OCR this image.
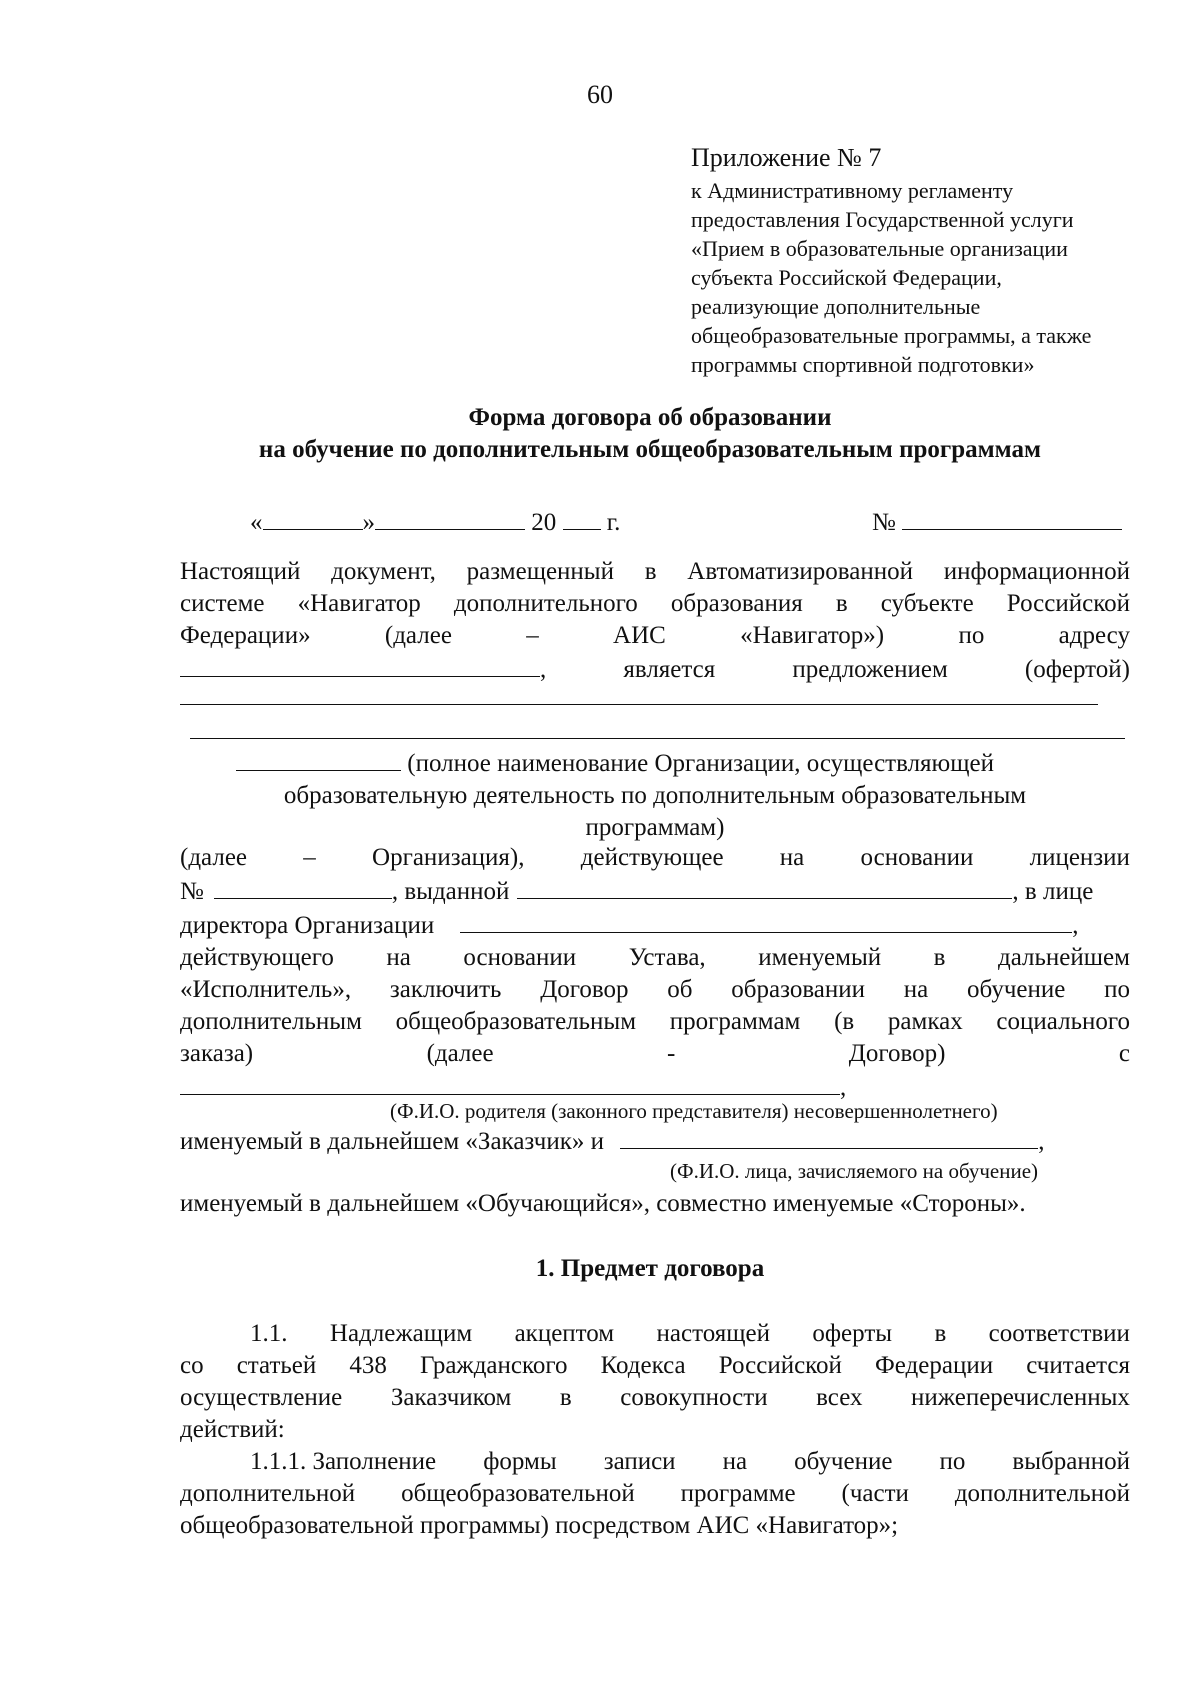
60
Приложение № 7
к Административному регламенту
предоставления Государственной услуги
«Прием в образовательные организации
субъекта Российской Федерации,
реализующие дополнительные
общеобразовательные программы, а также
программы спортивной подготовки»
Форма договора об образовании
на обучение по дополнительным общеобразовательным программам
«	»	20 г.	№
Настоящий документ, размещенный в Автоматизированной информационной
системе «Навигатор дополнительного образования в субъекте Российской
Федерации»	(далее	–	АИС	«Навигатор»)	по	адресу
,	является	предложением	(офертой)
(полное наименование Организации, осуществляющей
образовательную деятельность по дополнительным образовательным
программам)
(далее – Организация), действующее на основании лицензии
№	, выданной	, в лице
директора Организации	,
действующего на основании Устава, именуемый в дальнейшем
«Исполнитель», заключить Договор об образовании на обучение по
дополнительным общеобразовательным программам (в рамках социального
заказа)	(далее	-	Договор)	с
,
(Ф.И.О. родителя (законного представителя) несовершеннолетнего)
именуемый в дальнейшем «Заказчик» и	,
(Ф.И.О. лица, зачисляемого на обучение)
именуемый в дальнейшем «Обучающийся», совместно именуемые «Стороны».
1. Предмет договора
1.1. Надлежащим акцептом настоящей оферты в соответствии
со статьей 438 Гражданского Кодекса Российской Федерации считается
осуществление Заказчиком в совокупности всех нижеперечисленных
действий:
1.1.1. Заполнение формы записи на обучение по выбранной
дополнительной общеобразовательной программе (части дополнительной
общеобразовательной программы) посредством АИС «Навигатор»;
